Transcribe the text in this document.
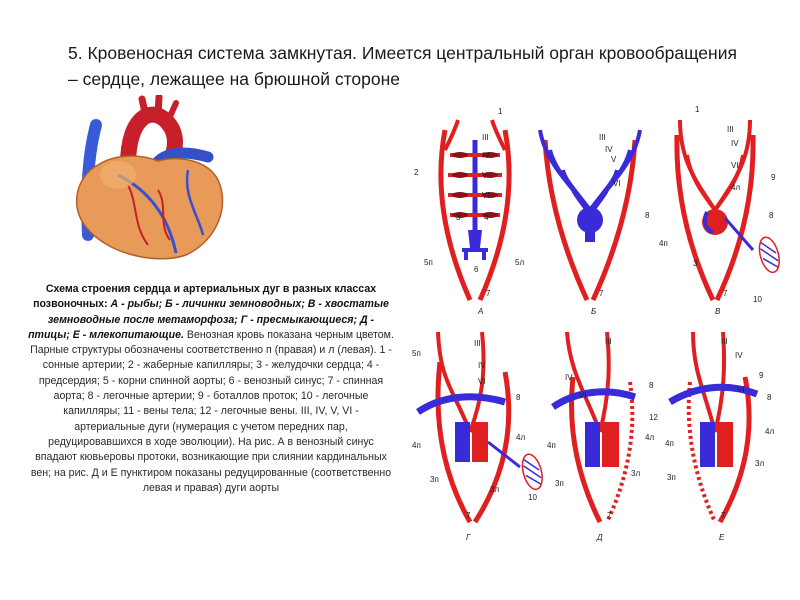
5. Кровеносная система замкнутая. Имеется центральный орган кровообращения – сердце, лежащее на брюшной стороне
Схема строения сердца и артериальных дуг в разных классах позвоночных: А - рыбы; Б - личинки земноводных; В - хвостатые земноводные после метаморфоза; Г - пресмыкающиеся; Д - птицы; Е - млекопитающие. Венозная кровь показана черным цветом. Парные структуры обозначены соответственно п (правая) и л (левая). 1 - сонные артерии; 2 - жаберные капилляры; 3 - желудочки сердца; 4 - предсердия; 5 - корни спинной аорты; 6 - венозный синус; 7 - спинная аорта; 8 - легочные артерии; 9 - боталлов проток; 10 - легочные капилляры; 11 - вены тела; 12 - легочные вены. III, IV, V, VI - артериальные дуги (нумерация с учетом передних пар, редуцировавшихся в ходе эволюции). На рис. А в венозный синус впадают кювьеровы протоки, возникающие при слиянии кардинальных вен; на рис. Д и Е пунктиром показаны редуцированные (соответственно левая и правая) дуги аорты
1
III
IV
V
VI
2
3	4
5п	5л
6
7
А
III
IV
V
VI
8
7
Б
1
III
IV
VI
9
4л
8
4п
3
10
7
В
5п
III
IV
VI
8
4л
4п
3п
3л
10
7
Г
III
IV
VI
8
12
4л
4п
3л
3п
7
Д
III
IV
9
VI
8
4л
4п
3л
3п
7
Е
